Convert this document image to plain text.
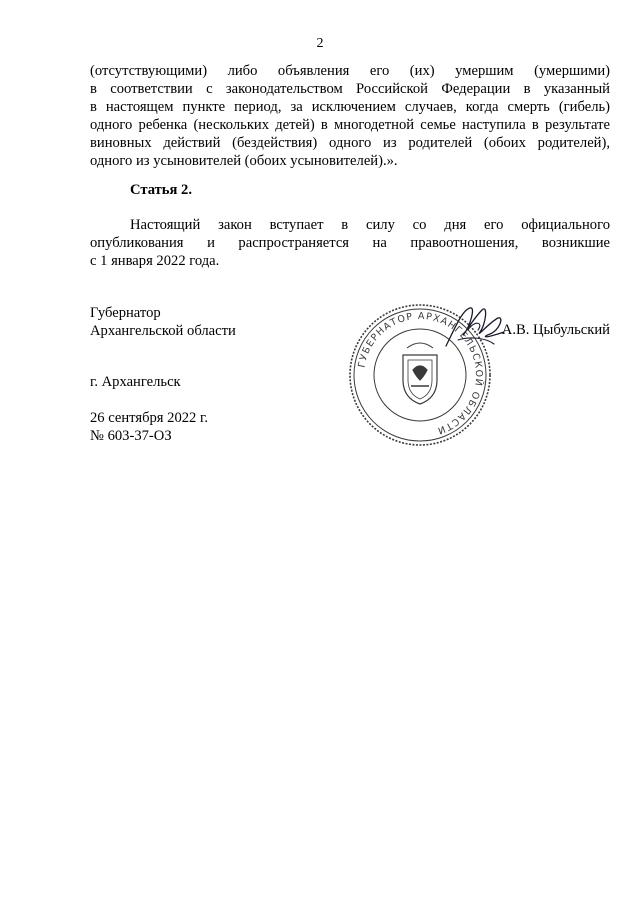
2
(отсутствующими) либо объявления его (их) умершим (умершими)
в соответствии с законодательством Российской Федерации в указанный
в настоящем пункте период, за исключением случаев, когда смерть (гибель)
одного ребенка (нескольких детей) в многодетной семье наступила в результате
виновных действий (бездействия) одного из родителей (обоих родителей),
одного из усыновителей (обоих усыновителей).».
Статья 2.
Настоящий закон вступает в силу со дня его официального
опубликования и распространяется на правоотношения, возникшие
с 1 января 2022 года.
Губернатор
Архангельской области
ГУБЕРНАТОР АРХАНГЕЛЬСКОЙ ОБЛАСТИ
А.В. Цыбульский
г. Архангельск
26 сентября 2022 г.
№ 603-37-ОЗ
